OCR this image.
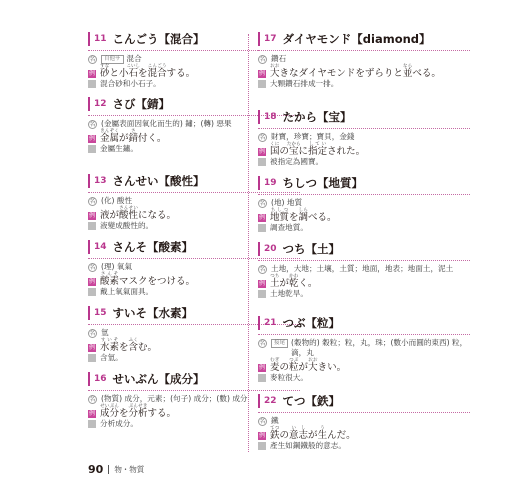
11 こんごう【混合】
名	自他サ 混合
例 砂すなと小石こいしを混合こんごうする。
混合砂和小石子。
12 さび【錆】
名 (金屬表面因氧化而生的) 鏽；(轉) 惡果
例 金属きんぞくが錆さ付く。
金屬生鏽。
13 さんせい【酸性】
名 (化) 酸性
例 液が酸性さんせいになる。
液變成酸性的。
14 さんそ【酸素】
名 (理) 氧氣
例 酸素さんそマスクをつける。
戴上氧氣面具。
15 すいそ【水素】
名 氫
例 水素すいそを含ふくむ。
含氫。
16 せいぶん【成分】
名 (物質) 成分，元素；(句子) 成分；(數) 成分
例 成分せいぶんを分析ぶんせきする。
分析成分。
17 ダイヤモンド【diamond】
名 鑽石
例 大おおきなダイヤモンドをずらりと並ならべる。
大顆鑽石排成一排。
18 たから【宝】
名 財寶，珍寶；寶貝，金錢
例 国くにの宝たからに指定していされた。
被指定為國寶。
19 ちしつ【地質】
名 (地) 地質
例 地質ちしつを調しらべる。
調查地質。
20 つち【土】
名 土地，大地；土壤，土質；地面，地表；地面土，泥土
例 土つちが乾かわく。
土地乾旱。
21 つぶ【粒】
名	接尾 (穀物的) 穀粒；粒，丸，珠；(數小而圓的東西) 粒，滴，丸
例 麦むぎの粒つぶが大おおきい。
麥粒很大。
22 てつ【鉄】
名 鐵
例 鉄てつの意志いしが生うんだ。
產生如鋼鐵般的意志。
90 物・物質
